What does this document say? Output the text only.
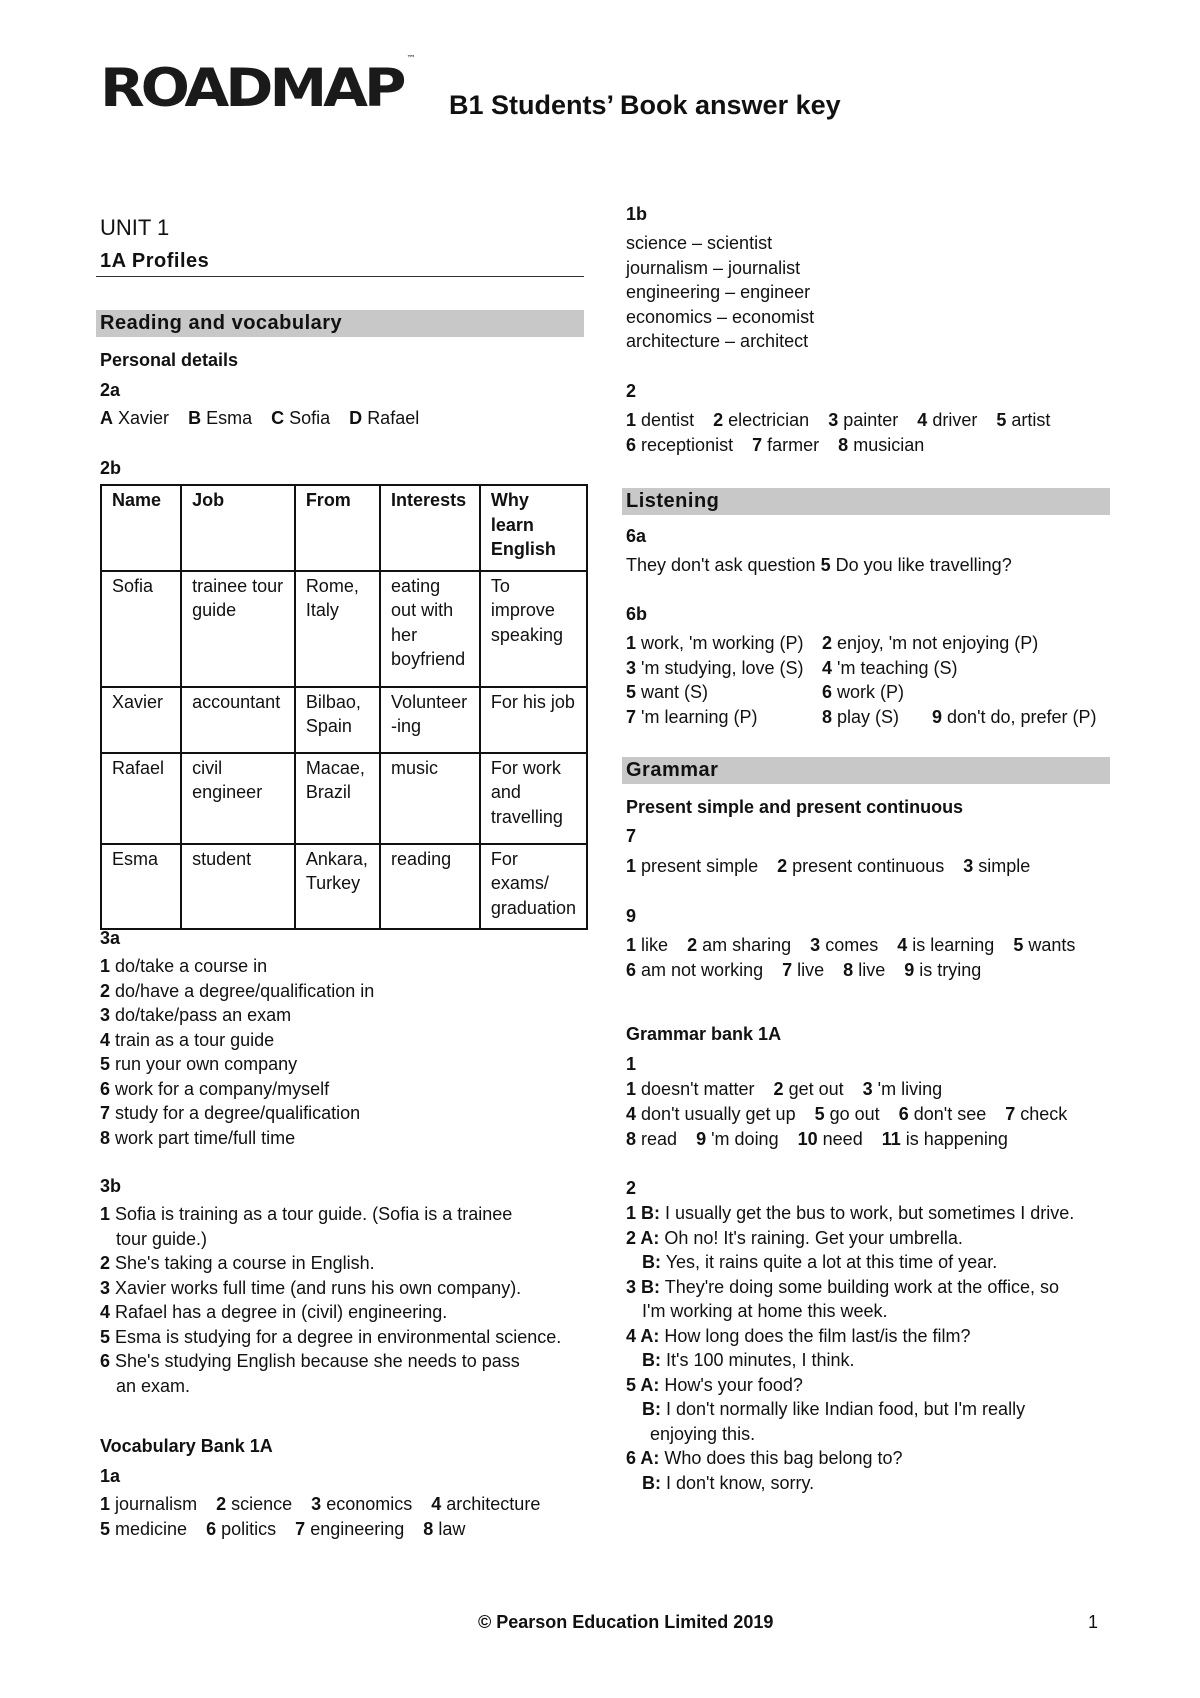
ROADMAP ™
B1 Students’ Book answer key
UNIT 1
1A Profiles
Reading and vocabulary
Personal details
2a
A Xavier B Esma C Sofia D Rafael
2b
Name	Job	From	Interests	Why learn English
Sofia	trainee tour guide	Rome, Italy	eating out with her boyfriend	To improve speaking
Xavier	accountant	Bilbao, Spain	Volunteer -ing	For his job
Rafael	civil engineer	Macae, Brazil	music	For work and travelling
Esma	student	Ankara, Turkey	reading	For exams/ graduation
3a
1 do/take a course in
2 do/have a degree/qualification in
3 do/take/pass an exam
4 train as a tour guide
5 run your own company
6 work for a company/myself
7 study for a degree/qualification
8 work part time/full time
3b
1 Sofia is training as a tour guide. (Sofia is a trainee
tour guide.)
2 She's taking a course in English.
3 Xavier works full time (and runs his own company).
4 Rafael has a degree in (civil) engineering.
5 Esma is studying for a degree in environmental science.
6 She's studying English because she needs to pass
an exam.
Vocabulary Bank 1A
1a
1 journalism 2 science 3 economics 4 architecture
5 medicine 6 politics 7 engineering 8 law
1b
science – scientist
journalism – journalist
engineering – engineer
economics – economist
architecture – architect
2
1 dentist 2 electrician 3 painter 4 driver 5 artist
6 receptionist 7 farmer 8 musician
Listening
6a
They don't ask question 5 Do you like travelling?
6b
1 work, 'm working (P) 2 enjoy, 'm not enjoying (P)
3 'm studying, love (S) 4 'm teaching (S)
5 want (S)	6 work (P)
7 'm learning (P)	8 play (S) 9 don't do, prefer (P)
Grammar
Present simple and present continuous
7
1 present simple 2 present continuous 3 simple
9
1 like 2 am sharing 3 comes 4 is learning 5 wants
6 am not working 7 live 8 live 9 is trying
Grammar bank 1A
1
1 doesn't matter 2 get out 3 'm living
4 don't usually get up 5 go out 6 don't see 7 check
8 read 9 'm doing 10 need 11 is happening
2
1 B: I usually get the bus to work, but sometimes I drive.
2 A: Oh no! It's raining. Get your umbrella.
B: Yes, it rains quite a lot at this time of year.
3 B: They're doing some building work at the office, so
I'm working at home this week.
4 A: How long does the film last/is the film?
B: It's 100 minutes, I think.
5 A: How's your food?
B: I don't normally like Indian food, but I'm really
enjoying this.
6 A: Who does this bag belong to?
B: I don't know, sorry.
© Pearson Education Limited 2019	1
